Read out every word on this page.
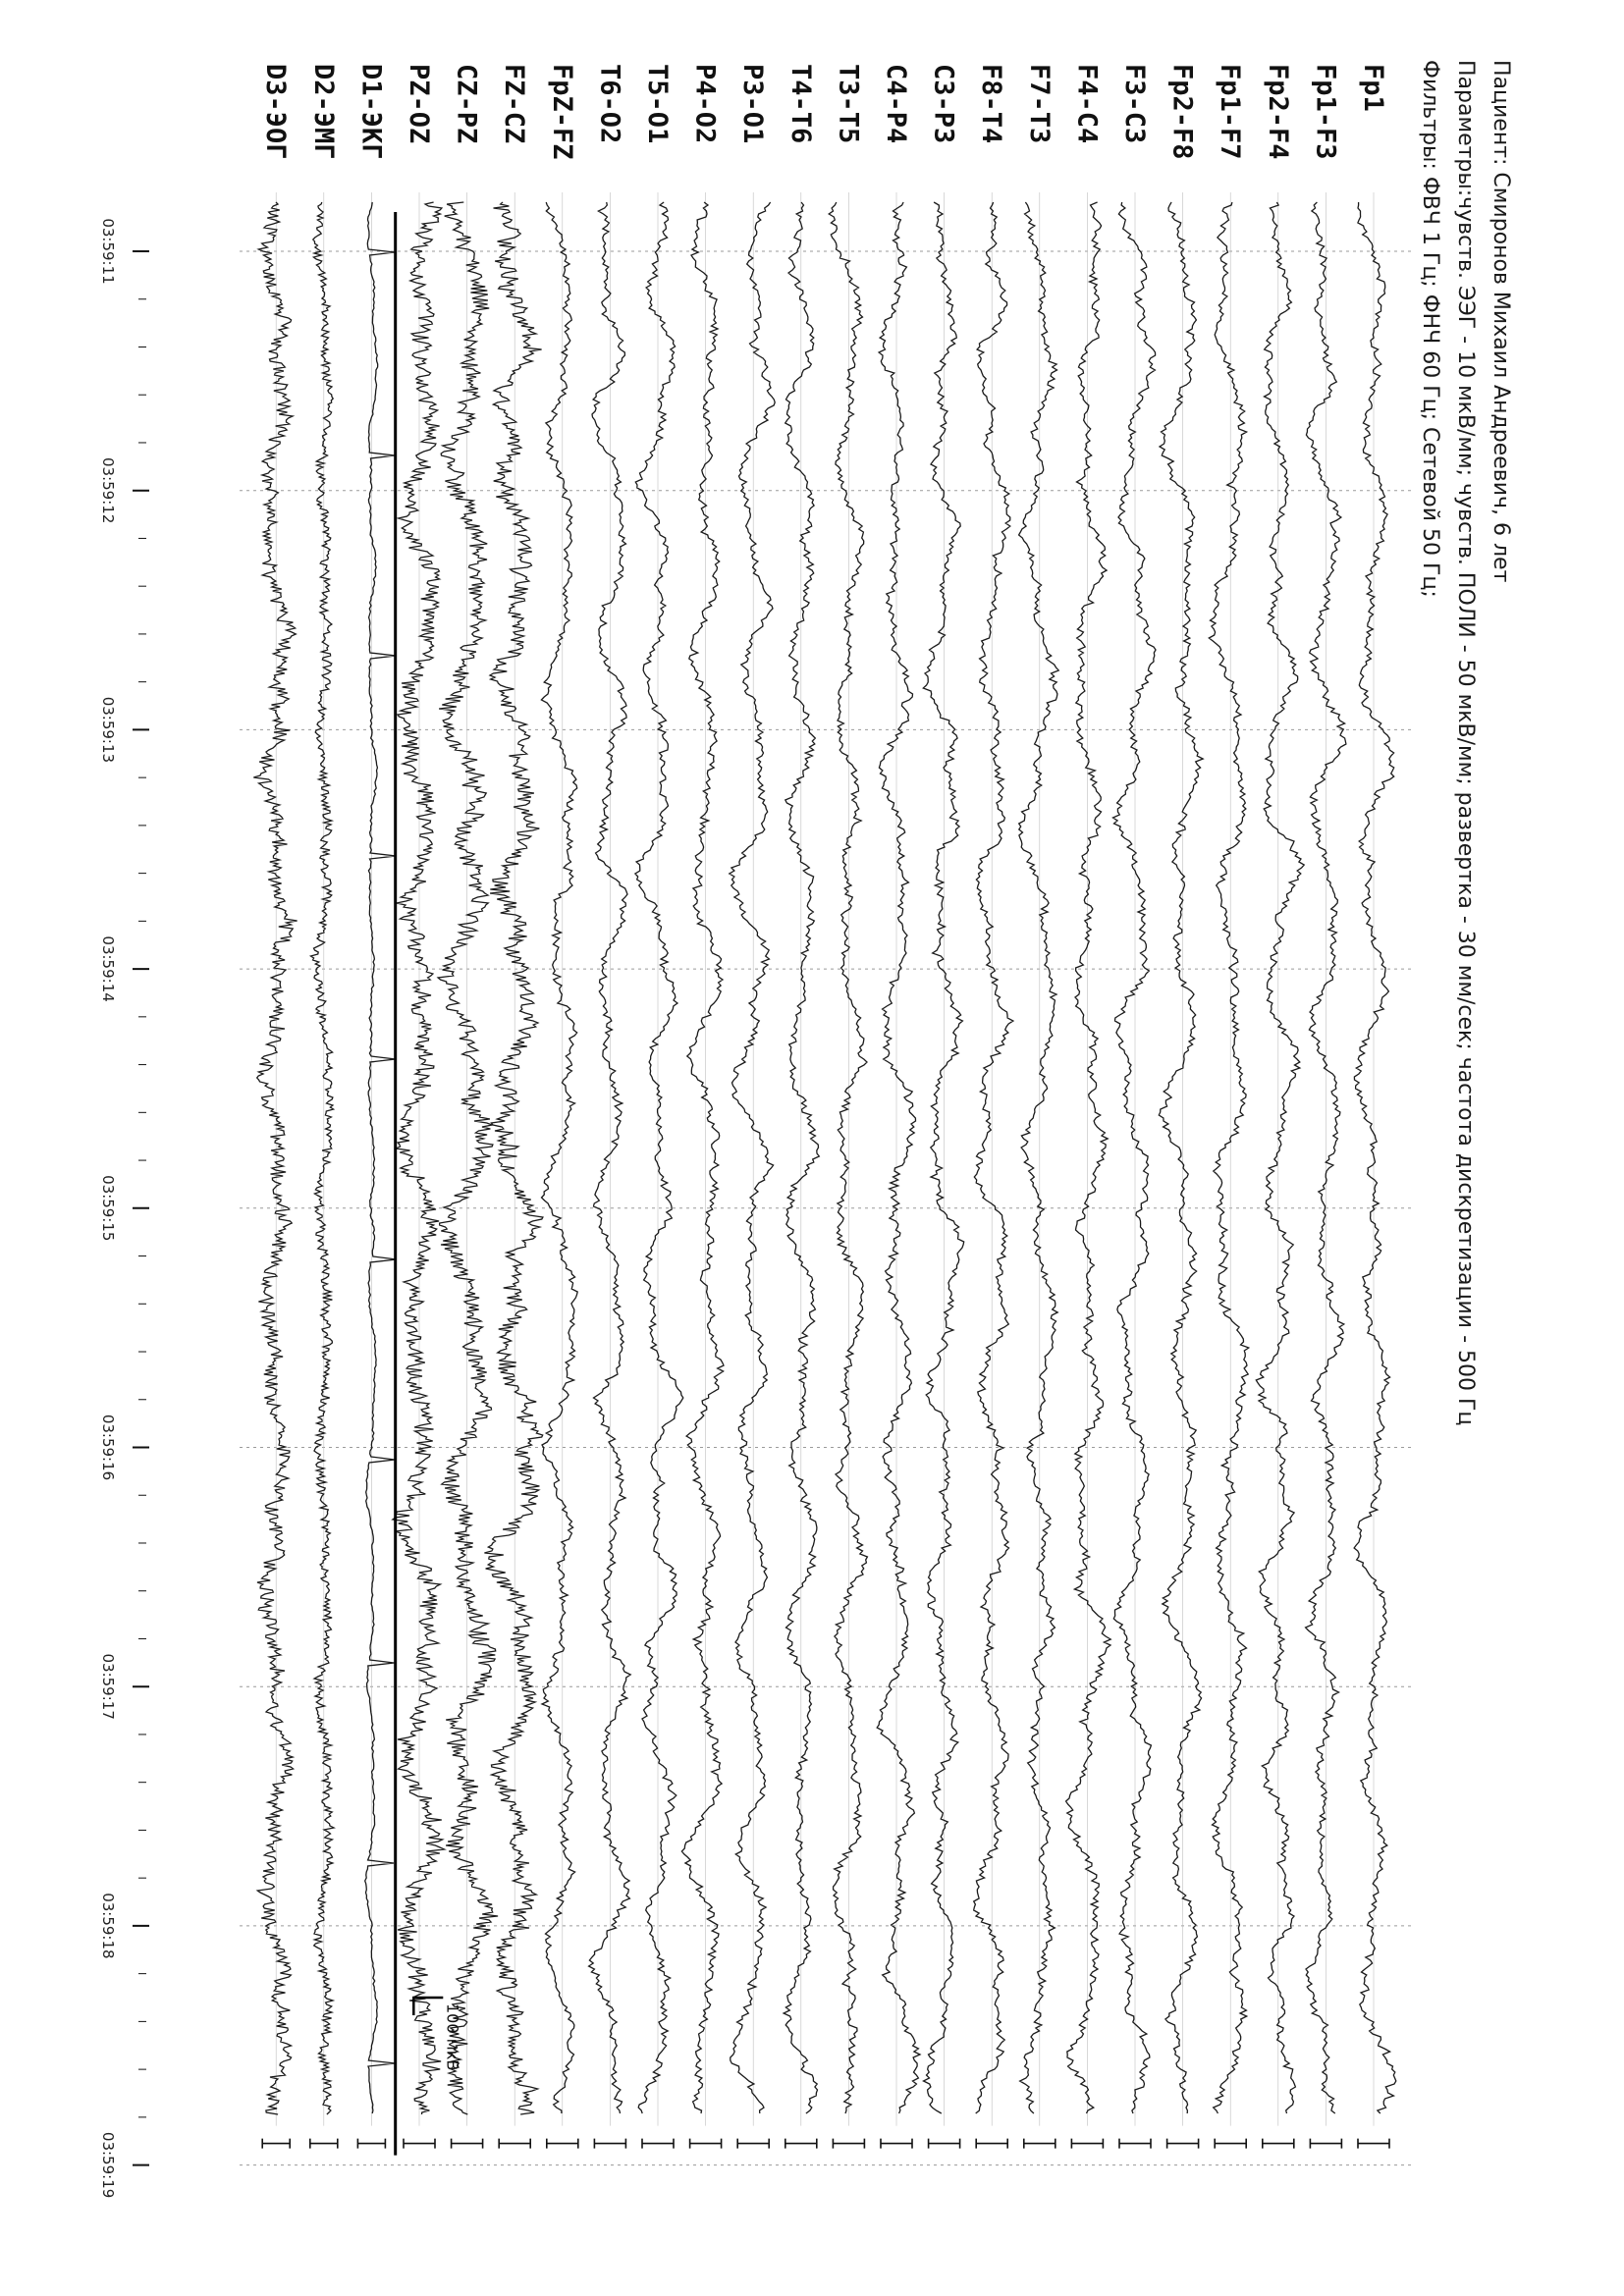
Пациент: Смиронов Михаил Андреевич, 6 лет
Параметры:чувств. ЭЭГ - 10 мкВ/мм; чувств. ПОЛИ - 50 мкВ/мм; развертка - 30 мм/сек; частота дискретизации - 500 Гц
Фильтры: ФВЧ 1 Гц; ФНЧ 60 Гц; Сетевой 50 Гц;
03:59:11
03:59:12
03:59:13
03:59:14
03:59:15
03:59:16
03:59:17
03:59:18
03:59:19
Fp1
Fp1-F3
Fp2-F4
Fp1-F7
Fp2-F8
F3-C3
F4-C4
F7-T3
F8-T4
C3-P3
C4-P4
T3-T5
T4-T6
P3-O1
P4-O2
T5-O1
T6-O2
FpZ-FZ
FZ-CZ
CZ-PZ
PZ-OZ
D1-ЭКГ
D2-ЭМГ
D3-ЭОГ
100 мкВ
